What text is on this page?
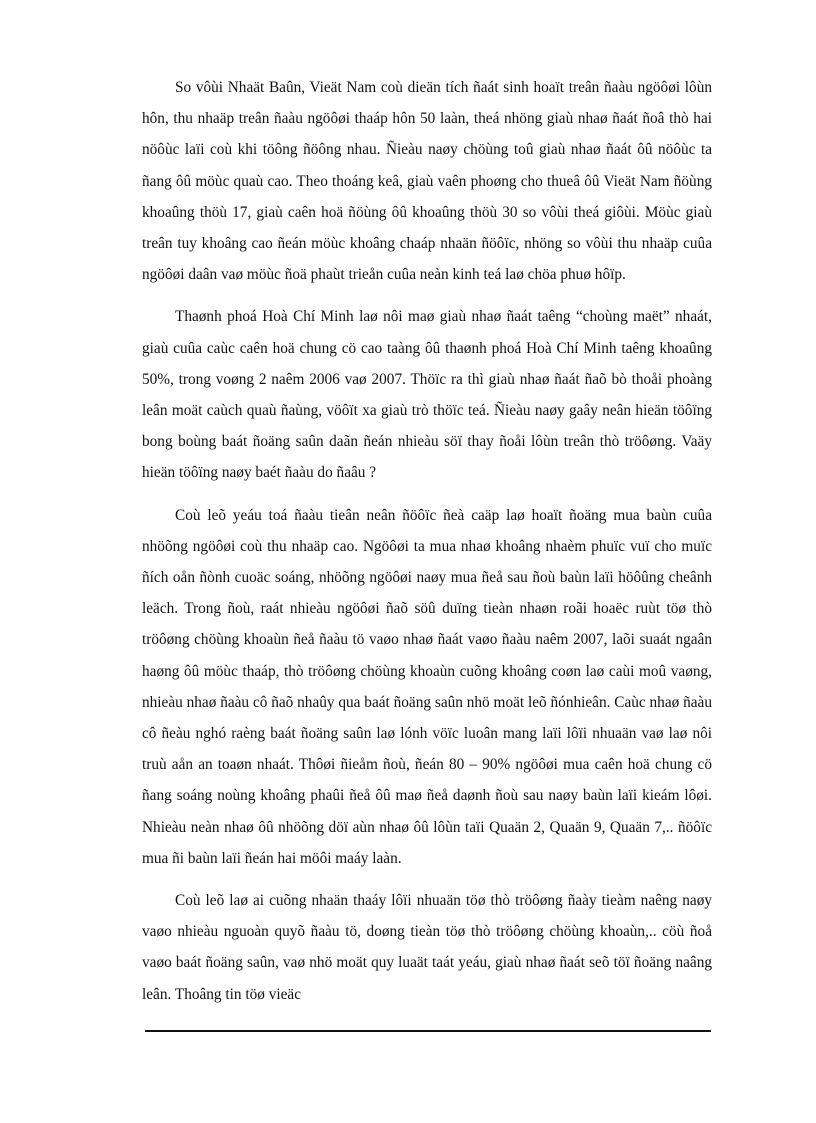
So vôùi Nhaät Baûn, Vieät Nam coù dieän tích ñaát sinh hoaït treân ñaàu ngöôøi lôùn hôn, thu nhaäp treân ñaàu ngöôøi thaáp hôn 50 laàn, theá nhöng giaù nhaø ñaát ñoâ thò hai nöôùc laïi coù khi töông ñöông nhau. Ñieàu naøy chöùng toû giaù nhaø ñaát ôû nöôùc ta ñang ôû möùc quaù cao. Theo thoáng keâ, giaù vaên phoøng cho thueâ ôû Vieät Nam ñöùng khoaûng thöù 17, giaù caên hoä ñöùng ôû khoaûng thöù 30 so vôùi theá giôùi. Möùc giaù treân tuy khoâng cao ñeán möùc khoâng chaáp nhaän ñöôïc, nhöng so vôùi thu nhaäp cuûa ngöôøi daân vaø möùc ñoä phaùt trieån cuûa neàn kinh teá laø chöa phuø hôïp.

Thaønh phoá Hoà Chí Minh laø nôi maø giaù nhaø ñaát taêng “choùng maët” nhaát, giaù cuûa caùc caên hoä chung cö cao taàng ôû thaønh phoá Hoà Chí Minh taêng khoaûng 50%, trong voøng 2 naêm 2006 vaø 2007. Thöïc ra thì giaù nhaø ñaát ñaõ bò thoåi phoàng leân moät caùch quaù ñaùng, vöôït xa giaù trò thöïc teá. Ñieàu naøy gaây neân hieän töôïng bong boùng baát ñoäng saûn daãn ñeán nhieàu söï thay ñoåi lôùn treân thò tröôøng. Vaäy hieän töôïng naøy baét ñaàu do ñaâu ?

Coù leõ yeáu toá ñaàu tieân neân ñöôïc ñeà caäp laø hoaït ñoäng mua baùn cuûa nhöõng ngöôøi coù thu nhaäp cao. Ngöôøi ta mua nhaø khoâng nhaèm phuïc vuï cho muïc ñích oån ñònh cuoäc soáng, nhöõng ngöôøi naøy mua ñeå sau ñoù baùn laïi höôûng cheânh leäch. Trong ñoù, raát nhieàu ngöôøi ñaõ söû duïng tieàn nhaøn roãi hoaëc ruùt töø thò tröôøng chöùng khoaùn ñeå ñaàu tö vaøo nhaø ñaát vaøo ñaàu naêm 2007, laõi suaát ngaân haøng ôû möùc thaáp, thò tröôøng chöùng khoaùn cuõng khoâng coøn laø caùi moû vaøng, nhieàu nhaø ñaàu cô ñaõ nhaûy qua baát ñoäng saûn nhö moät leõ ñónhieân. Caùc nhaø ñaàu cô ñeàu nghó raèng baát ñoäng saûn laø lónh vöïc luoân mang laïi lôïi nhuaän vaø laø nôi truù aån an toaøn nhaát. Thôøi ñieåm ñoù, ñeán 80 – 90% ngöôøi mua caên hoä chung cö ñang soáng noùng khoâng phaûi ñeå ôû maø ñeå daønh ñoù sau naøy baùn laïi kieám lôøi. Nhieàu neàn nhaø ôû nhöõng döï aùn nhaø ôû lôùn taïi Quaän 2, Quaän 9, Quaän 7,.. ñöôïc mua ñi baùn laïi ñeán hai möôi maáy laàn.

Coù leõ laø ai cuõng nhaän thaáy lôïi nhuaän töø thò tröôøng ñaày tieàm naêng naøy vaøo nhieàu nguoàn quyõ ñaàu tö, doøng tieàn töø thò tröôøng chöùng khoaùn,.. cöù ñoå vaøo baát ñoäng saûn, vaø nhö moät quy luaät taát yeáu, giaù nhaø ñaát seõ töï ñoäng naâng leân. Thoâng tin töø vieäc
